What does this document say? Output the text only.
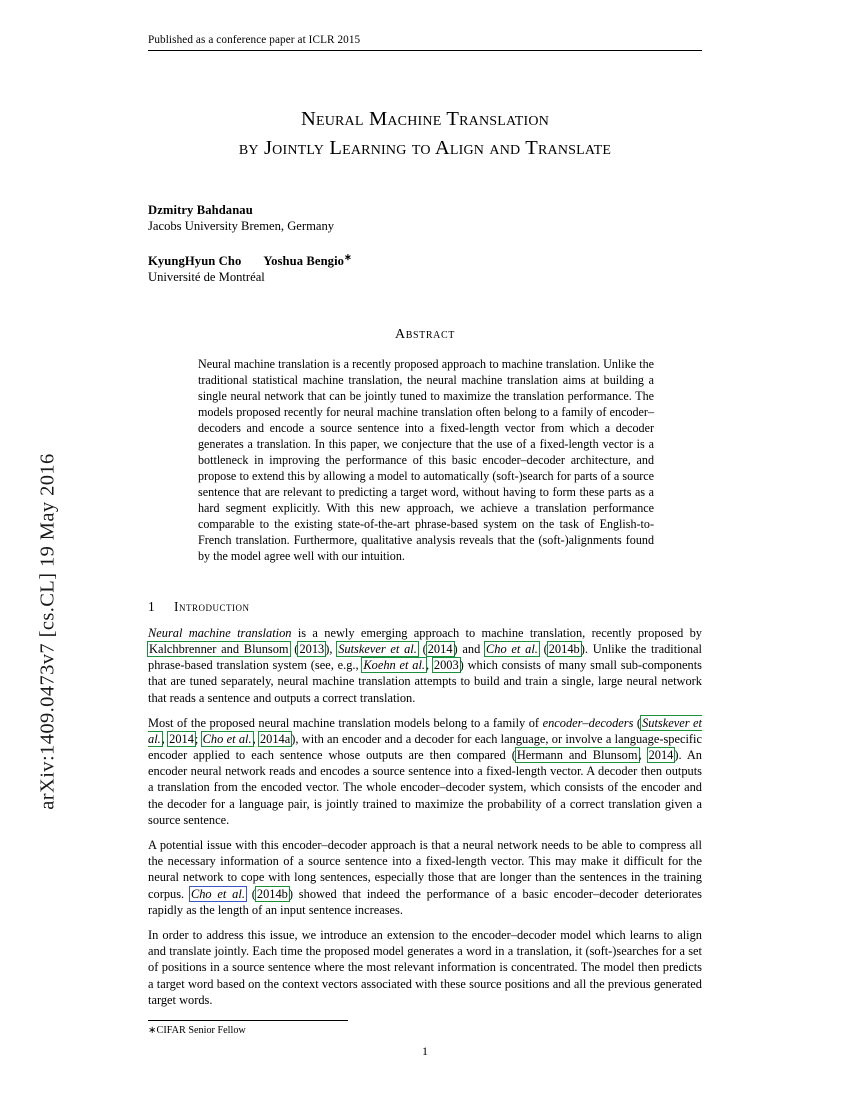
arXiv:1409.0473v7 [cs.CL] 19 May 2016
Published as a conference paper at ICLR 2015
Neural Machine Translation
by Jointly Learning to Align and Translate
Dzmitry Bahdanau
Jacobs University Bremen, Germany
KyungHyun Cho Yoshua Bengio∗
Université de Montréal
Abstract
Neural machine translation is a recently proposed approach to machine translation. Unlike the traditional statistical machine translation, the neural machine translation aims at building a single neural network that can be jointly tuned to maximize the translation performance. The models proposed recently for neural machine translation often belong to a family of encoder–decoders and encode a source sentence into a fixed-length vector from which a decoder generates a translation. In this paper, we conjecture that the use of a fixed-length vector is a bottleneck in improving the performance of this basic encoder–decoder architecture, and propose to extend this by allowing a model to automatically (soft-)search for parts of a source sentence that are relevant to predicting a target word, without having to form these parts as a hard segment explicitly. With this new approach, we achieve a translation performance comparable to the existing state-of-the-art phrase-based system on the task of English-to-French translation. Furthermore, qualitative analysis reveals that the (soft-)alignments found by the model agree well with our intuition.
1 Introduction

Neural machine translation is a newly emerging approach to machine translation, recently proposed by Kalchbrenner and Blunsom (2013), Sutskever et al. (2014) and Cho et al. (2014b). Unlike the traditional phrase-based translation system (see, e.g., Koehn et al., 2003) which consists of many small sub-components that are tuned separately, neural machine translation attempts to build and train a single, large neural network that reads a sentence and outputs a correct translation.

Most of the proposed neural machine translation models belong to a family of encoder–decoders (Sutskever et al., 2014; Cho et al., 2014a), with an encoder and a decoder for each language, or involve a language-specific encoder applied to each sentence whose outputs are then compared (Hermann and Blunsom, 2014). An encoder neural network reads and encodes a source sentence into a fixed-length vector. A decoder then outputs a translation from the encoded vector. The whole encoder–decoder system, which consists of the encoder and the decoder for a language pair, is jointly trained to maximize the probability of a correct translation given a source sentence.

A potential issue with this encoder–decoder approach is that a neural network needs to be able to compress all the necessary information of a source sentence into a fixed-length vector. This may make it difficult for the neural network to cope with long sentences, especially those that are longer than the sentences in the training corpus. Cho et al. (2014b) showed that indeed the performance of a basic encoder–decoder deteriorates rapidly as the length of an input sentence increases.

In order to address this issue, we introduce an extension to the encoder–decoder model which learns to align and translate jointly. Each time the proposed model generates a word in a translation, it (soft-)searches for a set of positions in a source sentence where the most relevant information is concentrated. The model then predicts a target word based on the context vectors associated with these source positions and all the previous generated target words.

∗CIFAR Senior Fellow
1
